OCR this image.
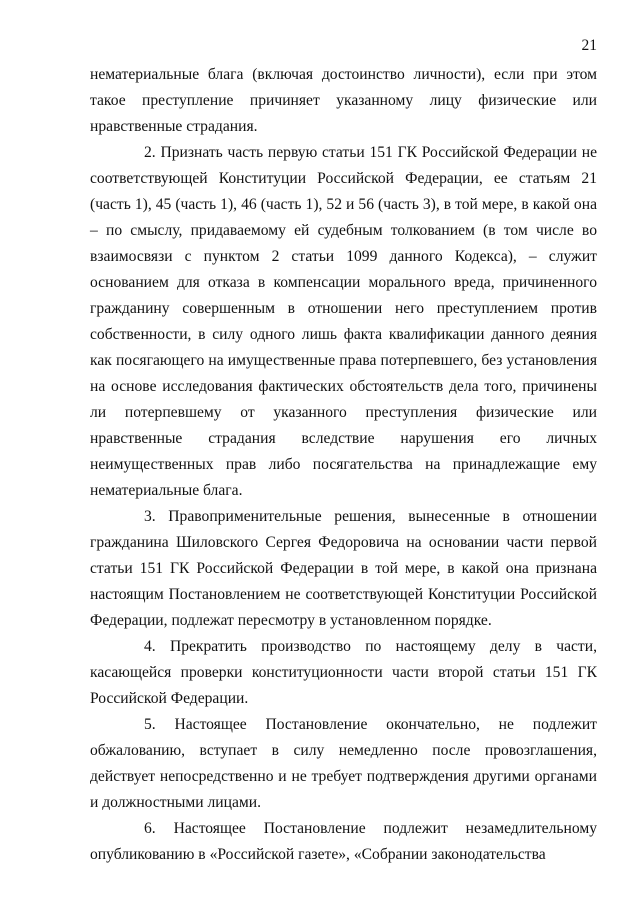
21

нематериальные блага (включая достоинство личности), если при этом такое преступление причиняет указанному лицу физические или нравственные страдания.

2. Признать часть первую статьи 151 ГК Российской Федерации не соответствующей Конституции Российской Федерации, ее статьям 21 (часть 1), 45 (часть 1), 46 (часть 1), 52 и 56 (часть 3), в той мере, в какой она – по смыслу, придаваемому ей судебным толкованием (в том числе во взаимосвязи с пунктом 2 статьи 1099 данного Кодекса), – служит основанием для отказа в компенсации морального вреда, причиненного гражданину совершенным в отношении него преступлением против собственности, в силу одного лишь факта квалификации данного деяния как посягающего на имущественные права потерпевшего, без установления на основе исследования фактических обстоятельств дела того, причинены ли потерпевшему от указанного преступления физические или нравственные страдания вследствие нарушения его личных неимущественных прав либо посягательства на принадлежащие ему нематериальные блага.

3. Правоприменительные решения, вынесенные в отношении гражданина Шиловского Сергея Федоровича на основании части первой статьи 151 ГК Российской Федерации в той мере, в какой она признана настоящим Постановлением не соответствующей Конституции Российской Федерации, подлежат пересмотру в установленном порядке.

4. Прекратить производство по настоящему делу в части, касающейся проверки конституционности части второй статьи 151 ГК Российской Федерации.

5. Настоящее Постановление окончательно, не подлежит обжалованию, вступает в силу немедленно после провозглашения, действует непосредственно и не требует подтверждения другими органами и должностными лицами.

6. Настоящее Постановление подлежит незамедлительному опубликованию в «Российской газете», «Собрании законодательства
